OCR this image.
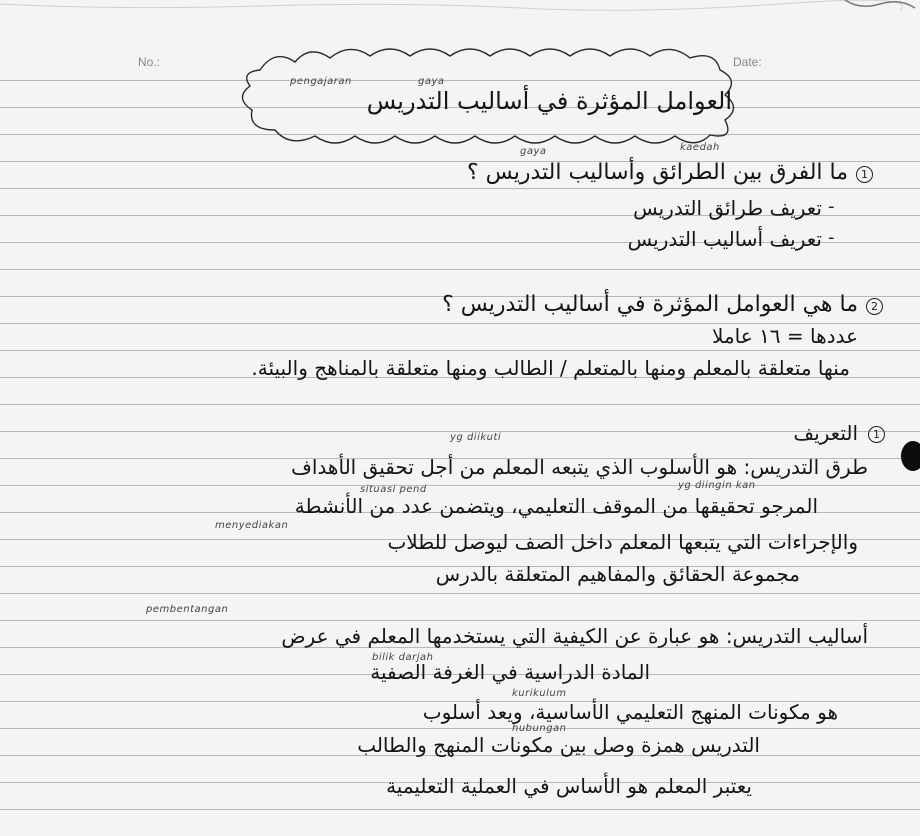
No.:	Date:
pengajaran	gaya
العوامل المؤثرة في أساليب التدريس
gaya	kaedah
1
ما الفرق بين الطرائق وأساليب التدريس ؟
تعريف طرائق التدريس -
تعريف أساليب التدريس -
2
ما هي العوامل المؤثرة في أساليب التدريس ؟
عددها = ١٦ عاملا
منها متعلقة بالمعلم ومنها بالمتعلم / الطالب ومنها متعلقة بالمناهج والبيئة.
1
التعريف
yg diikuti
طرق التدريس: هو الأسلوب الذي يتبعه المعلم من أجل تحقيق الأهداف
situasi pend	yg diingin kan
المرجو تحقيقها من الموقف التعليمي، ويتضمن عدد من الأنشطة
menyediakan
والإجراءات التي يتبعها المعلم داخل الصف ليوصل للطلاب
مجموعة الحقائق والمفاهيم المتعلقة بالدرس
pembentangan
أساليب التدريس: هو عبارة عن الكيفية التي يستخدمها المعلم في عرض
bilik darjah
المادة الدراسية في الغرفة الصفية
kurikulum
هو مكونات المنهج التعليمي الأساسية، ويعد أسلوب
hubungan
التدريس همزة وصل بين مكونات المنهج والطالب
يعتبر المعلم هو الأساس في العملية التعليمية
